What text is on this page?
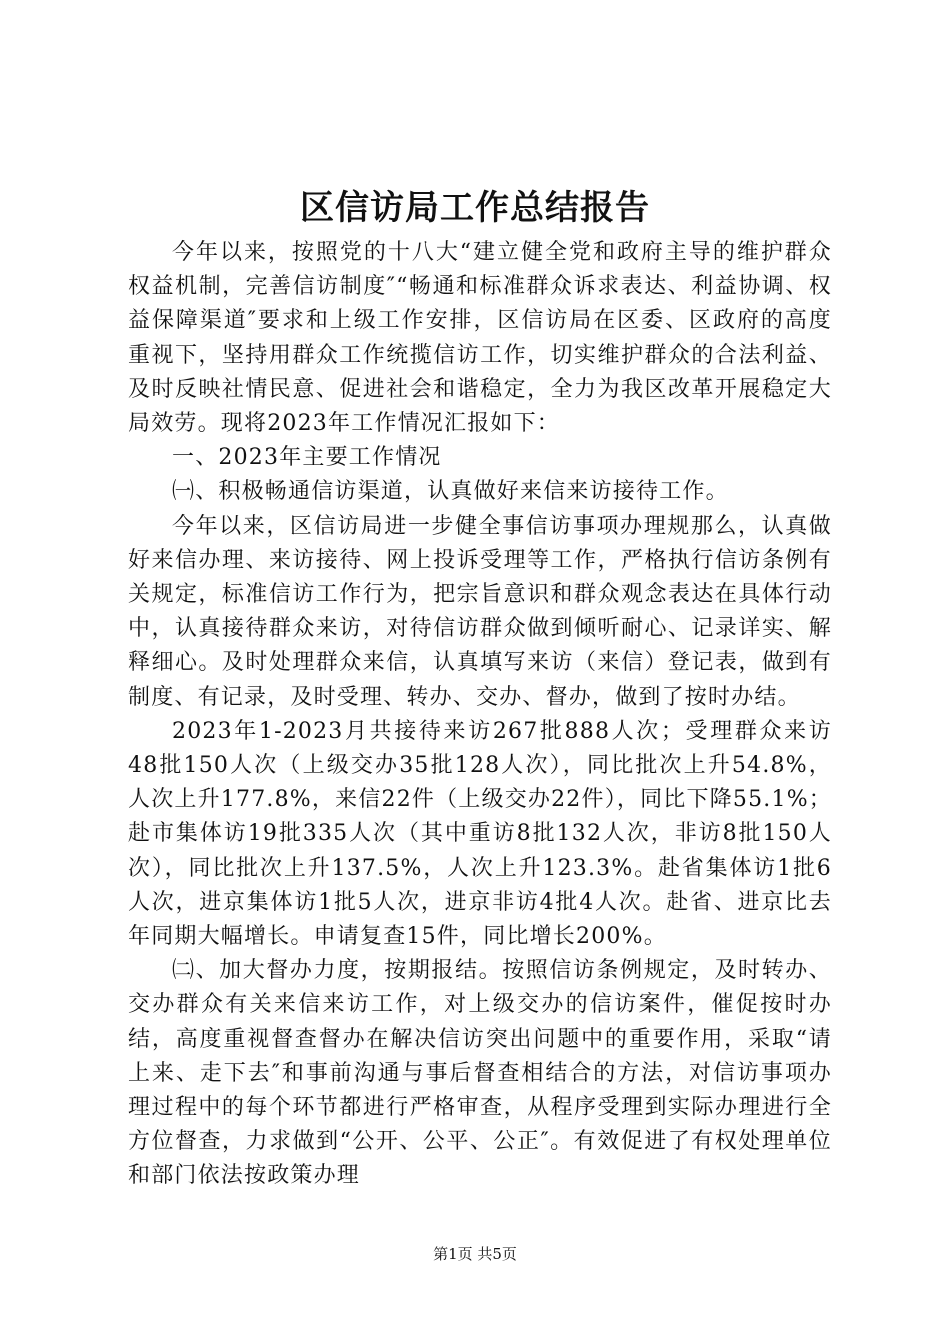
区信访局工作总结报告

今年以来，按照党的十八大“建立健全党和政府主导的维护群众权益机制，完善信访制度″“畅通和标准群众诉求表达、利益协调、权益保障渠道″要求和上级工作安排，区信访局在区委、区政府的高度重视下，坚持用群众工作统揽信访工作，切实维护群众的合法利益、及时反映社情民意、促进社会和谐稳定，全力为我区改革开展稳定大局效劳。现将2023年工作情况汇报如下：

一、2023年主要工作情况

㈠、积极畅通信访渠道，认真做好来信来访接待工作。

今年以来，区信访局进一步健全事信访事项办理规那么，认真做好来信办理、来访接待、网上投诉受理等工作，严格执行信访条例有关规定，标准信访工作行为，把宗旨意识和群众观念表达在具体行动中，认真接待群众来访，对待信访群众做到倾听耐心、记录详实、解释细心。及时处理群众来信，认真填写来访（来信）登记表，做到有制度、有记录，及时受理、转办、交办、督办，做到了按时办结。

2023年1-2023月共接待来访267批888人次；受理群众来访48批150人次（上级交办35批128人次），同比批次上升54.8%，人次上升177.8%，来信22件（上级交办22件），同比下降55.1%；赴市集体访19批335人次（其中重访8批132人次，非访8批150人次），同比批次上升137.5%，人次上升123.3%。赴省集体访1批6人次，进京集体访1批5人次，进京非访4批4人次。赴省、进京比去年同期大幅增长。申请复查15件，同比增长200%。

㈡、加大督办力度，按期报结。按照信访条例规定，及时转办、交办群众有关来信来访工作，对上级交办的信访案件，催促按时办结，高度重视督查督办在解决信访突出问题中的重要作用，采取“请上来、走下去″和事前沟通与事后督查相结合的方法，对信访事项办理过程中的每个环节都进行严格审查，从程序受理到实际办理进行全方位督查，力求做到“公开、公平、公正″。有效促进了有权处理单位和部门依法按政策办理

第1页 共5页
